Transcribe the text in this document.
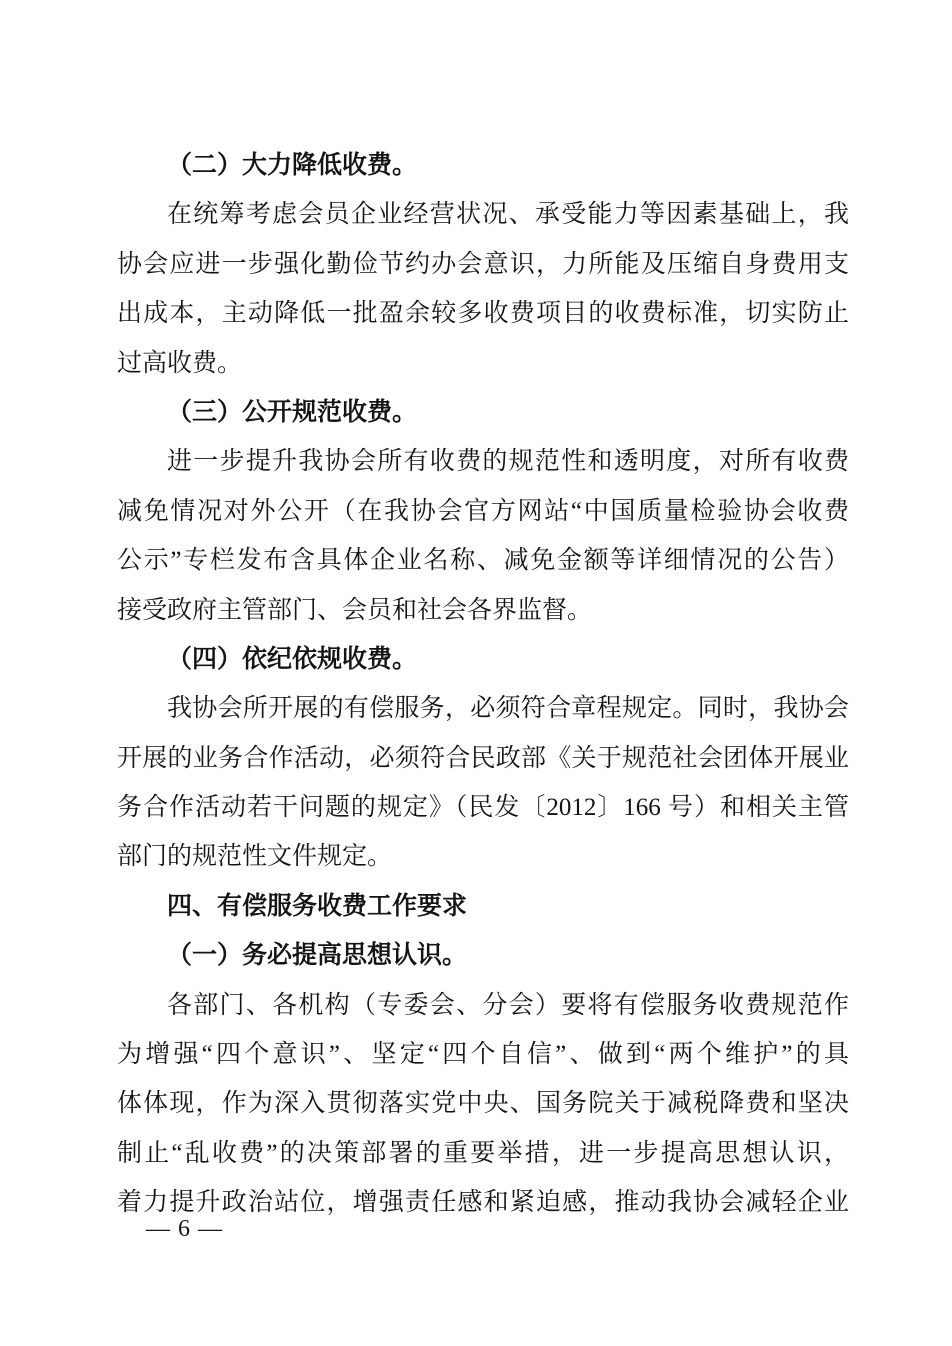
（二）大力降低收费。
在统筹考虑会员企业经营状况、承受能力等因素基础上，我
协会应进一步强化勤俭节约办会意识，力所能及压缩自身费用支
出成本，主动降低一批盈余较多收费项目的收费标准，切实防止
过高收费。
（三）公开规范收费。
进一步提升我协会所有收费的规范性和透明度，对所有收费
减免情况对外公开（在我协会官方网站“中国质量检验协会收费
公示”专栏发布含具体企业名称、减免金额等详细情况的公告）
接受政府主管部门、会员和社会各界监督。
（四）依纪依规收费。
我协会所开展的有偿服务，必须符合章程规定。同时，我协会
开展的业务合作活动，必须符合民政部《关于规范社会团体开展业
务合作活动若干问题的规定》（民发〔2012〕166 号）和相关主管
部门的规范性文件规定。
四、有偿服务收费工作要求
（一）务必提高思想认识。
各部门、各机构（专委会、分会）要将有偿服务收费规范作
为增强“四个意识”、坚定“四个自信”、做到“两个维护”的具
体体现，作为深入贯彻落实党中央、国务院关于减税降费和坚决
制止“乱收费”的决策部署的重要举措，进一步提高思想认识，
着力提升政治站位，增强责任感和紧迫感，推动我协会减轻企业
— 6 —
